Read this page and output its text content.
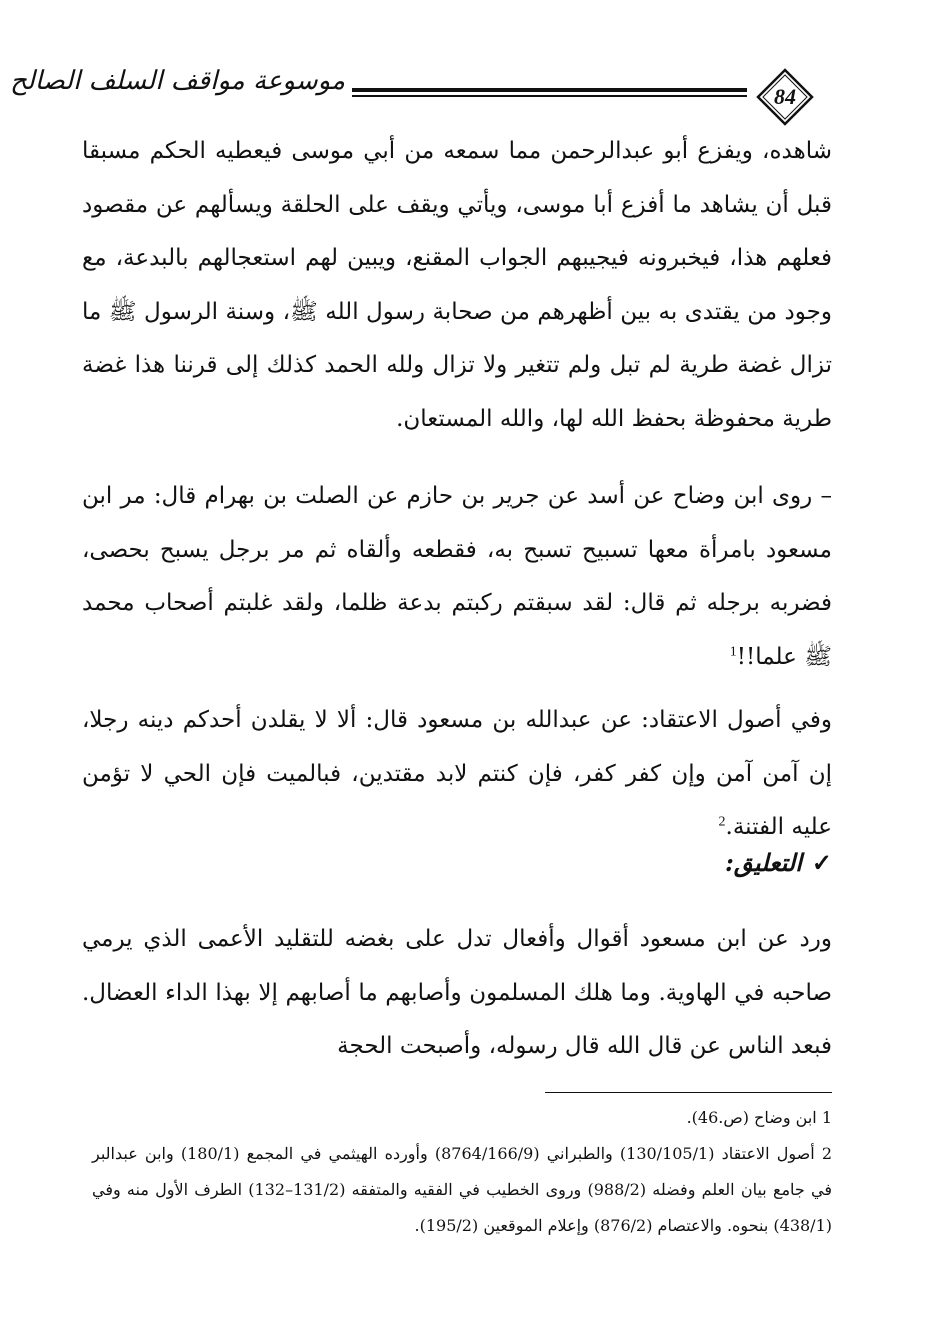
موسوعة مواقف السلف الصالح
84
شاهده، ويفزع أبو عبدالرحمن مما سمعه من أبي موسى فيعطيه الحكم مسبقا قبل أن يشاهد ما أفزع أبا موسى، ويأتي ويقف على الحلقة ويسألهم عن مقصود فعلهم هذا، فيخبرونه فيجيبهم الجواب المقنع، ويبين لهم استعجالهم بالبدعة، مع وجود من يقتدى به بين أظهرهم من صحابة رسول الله ﷺ، وسنة الرسول ﷺ ما تزال غضة طرية لم تبل ولم تتغير ولا تزال ولله الحمد كذلك إلى قرننا هذا غضة طرية محفوظة بحفظ الله لها، والله المستعان.
– روى ابن وضاح عن أسد عن جرير بن حازم عن الصلت بن بهرام قال: مر ابن مسعود بامرأة معها تسبيح تسبح به، فقطعه وألقاه ثم مر برجل يسبح بحصى، فضربه برجله ثم قال: لقد سبقتم ركبتم بدعة ظلما، ولقد غلبتم أصحاب محمد ﷺ علما!!$^1$
وفي أصول الاعتقاد: عن عبدالله بن مسعود قال: ألا لا يقلدن أحدكم دينه رجلا، إن آمن آمن وإن كفر كفر، فإن كنتم لابد مقتدين، فبالميت فإن الحي لا تؤمن عليه الفتنة.$^2$
✓التعليق:
ورد عن ابن مسعود أقوال وأفعال تدل على بغضه للتقليد الأعمى الذي يرمي صاحبه في الهاوية. وما هلك المسلمون وأصابهم ما أصابهم إلا بهذا الداء العضال. فبعد الناس عن قال الله قال رسوله، وأصبحت الحجة

1 ابن وضاح (ص.46).

2 أصول الاعتقاد (130/105/1) والطبراني (8764/166/9) وأورده الهيثمي في المجمع (180/1) وابن عبدالبر في جامع بيان العلم وفضله (988/2) وروى الخطيب في الفقيه والمتفقه (131/2–132) الطرف الأول منه وفي (438/1) بنحوه. والاعتصام (876/2) وإعلام الموقعين (195/2).
